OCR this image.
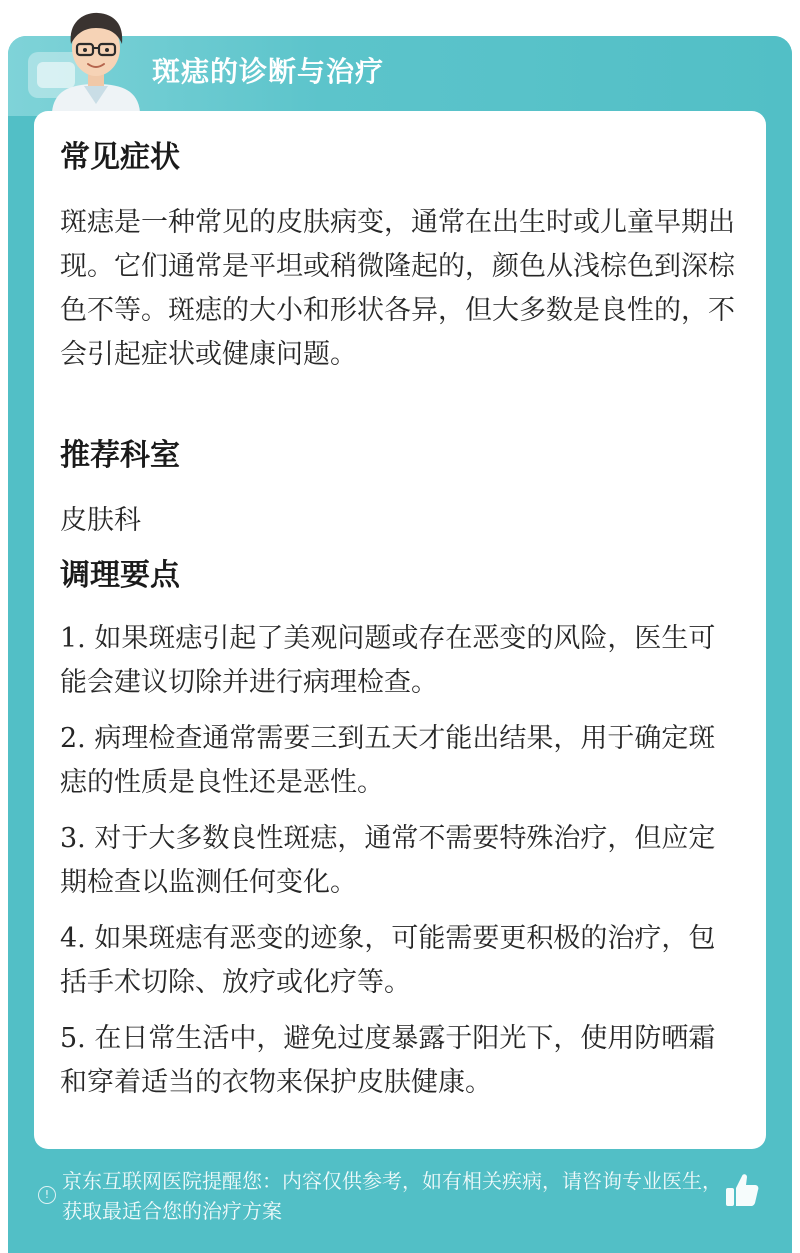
斑痣的诊断与治疗
常见症状

斑痣是一种常见的皮肤病变，通常在出生时或儿童早期出现。它们通常是平坦或稍微隆起的，颜色从浅棕色到深棕色不等。斑痣的大小和形状各异，但大多数是良性的，不会引起症状或健康问题。

推荐科室

皮肤科

调理要点
1. 如果斑痣引起了美观问题或存在恶变的风险，医生可能会建议切除并进行病理检查。
2. 病理检查通常需要三到五天才能出结果，用于确定斑痣的性质是良性还是恶性。
3. 对于大多数良性斑痣，通常不需要特殊治疗，但应定期检查以监测任何变化。
4. 如果斑痣有恶变的迹象，可能需要更积极的治疗，包括手术切除、放疗或化疗等。
5. 在日常生活中，避免过度暴露于阳光下，使用防晒霜和穿着适当的衣物来保护皮肤健康。
!
京东互联网医院提醒您：内容仅供参考，如有相关疾病，请咨询专业医生，获取最适合您的治疗方案
